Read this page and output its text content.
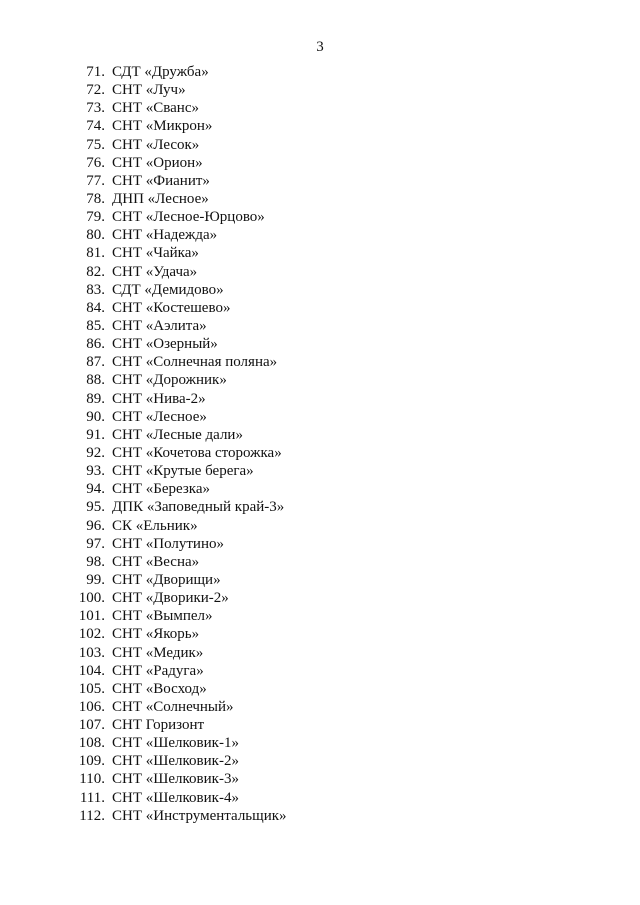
3
71. СДТ «Дружба»
72. СНТ «Луч»
73. СНТ «Сванс»
74. СНТ «Микрон»
75. СНТ «Лесок»
76. СНТ «Орион»
77. СНТ «Фианит»
78. ДНП «Лесное»
79. СНТ «Лесное-Юрцово»
80. СНТ «Надежда»
81. СНТ «Чайка»
82. СНТ «Удача»
83. СДТ «Демидово»
84. СНТ «Костешево»
85. СНТ «Аэлита»
86. СНТ «Озерный»
87. СНТ «Солнечная поляна»
88. СНТ «Дорожник»
89. СНТ «Нива-2»
90. СНТ «Лесное»
91. СНТ «Лесные дали»
92. СНТ «Кочетова сторожка»
93. СНТ «Крутые берега»
94. СНТ «Березка»
95. ДПК «Заповедный край-3»
96. СК «Ельник»
97. СНТ «Полутино»
98. СНТ «Весна»
99. СНТ «Дворищи»
100. СНТ «Дворики-2»
101. СНТ «Вымпел»
102. СНТ «Якорь»
103. СНТ «Медик»
104. СНТ «Радуга»
105. СНТ «Восход»
106. СНТ «Солнечный»
107. СНТ Горизонт
108. СНТ «Шелковик-1»
109. СНТ «Шелковик-2»
110. СНТ «Шелковик-3»
111. СНТ «Шелковик-4»
112. СНТ «Инструментальщик»
